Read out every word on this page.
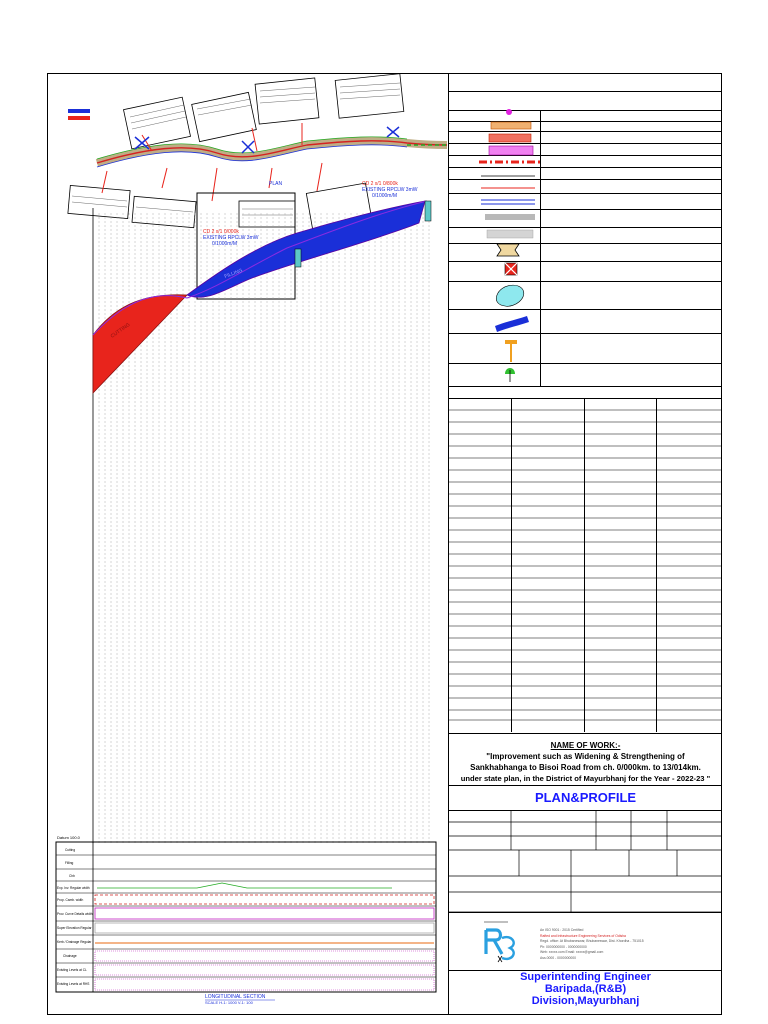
CD 2 x/1 0/000k
EXISTING RPCLW 3mW
0/1000m/M
CD 2 x/1 0/800k
EXISTING RPCLW 3mW
0/1000m/M
PLAN
CUTTING
FILLING
Datum 100.0
Cutting
Filling
Chb
Exp. Inv. Regular width
Prop. Camb. width
Prov. Curve Details width
Super Elevation Regular
Kerb / Drainage Regular
Chainage
Existing Levels at CL
Existing Levels at RHS
LONGITUDINAL SECTION
SCALE H-1: 1000 V-1: 100
NAME OF WORK:-
"Improvement such as Widening & Strengthening of
Sankhabhanga to Bisoi Road from ch. 0/000km. to 13/014km.
under state plan, in the District of Mayurbhanj for the Year - 2022-23 "
PLAN&PROFILE
An ISO 9001 : 2015 Certified
Rafted and Infrastructure Engineering Services of Odisha
Regd. office: At Bhubaneswar, Bhubaneswar, Dist. Khordha - 751015
Ph: 0000000000 - 0000000000
Web: xxxxx.com Email: xxxxx@gmail.com
Ass.0000 - 0000000000
Superintending Engineer
Baripada,(R&B)
Division,Mayurbhanj
